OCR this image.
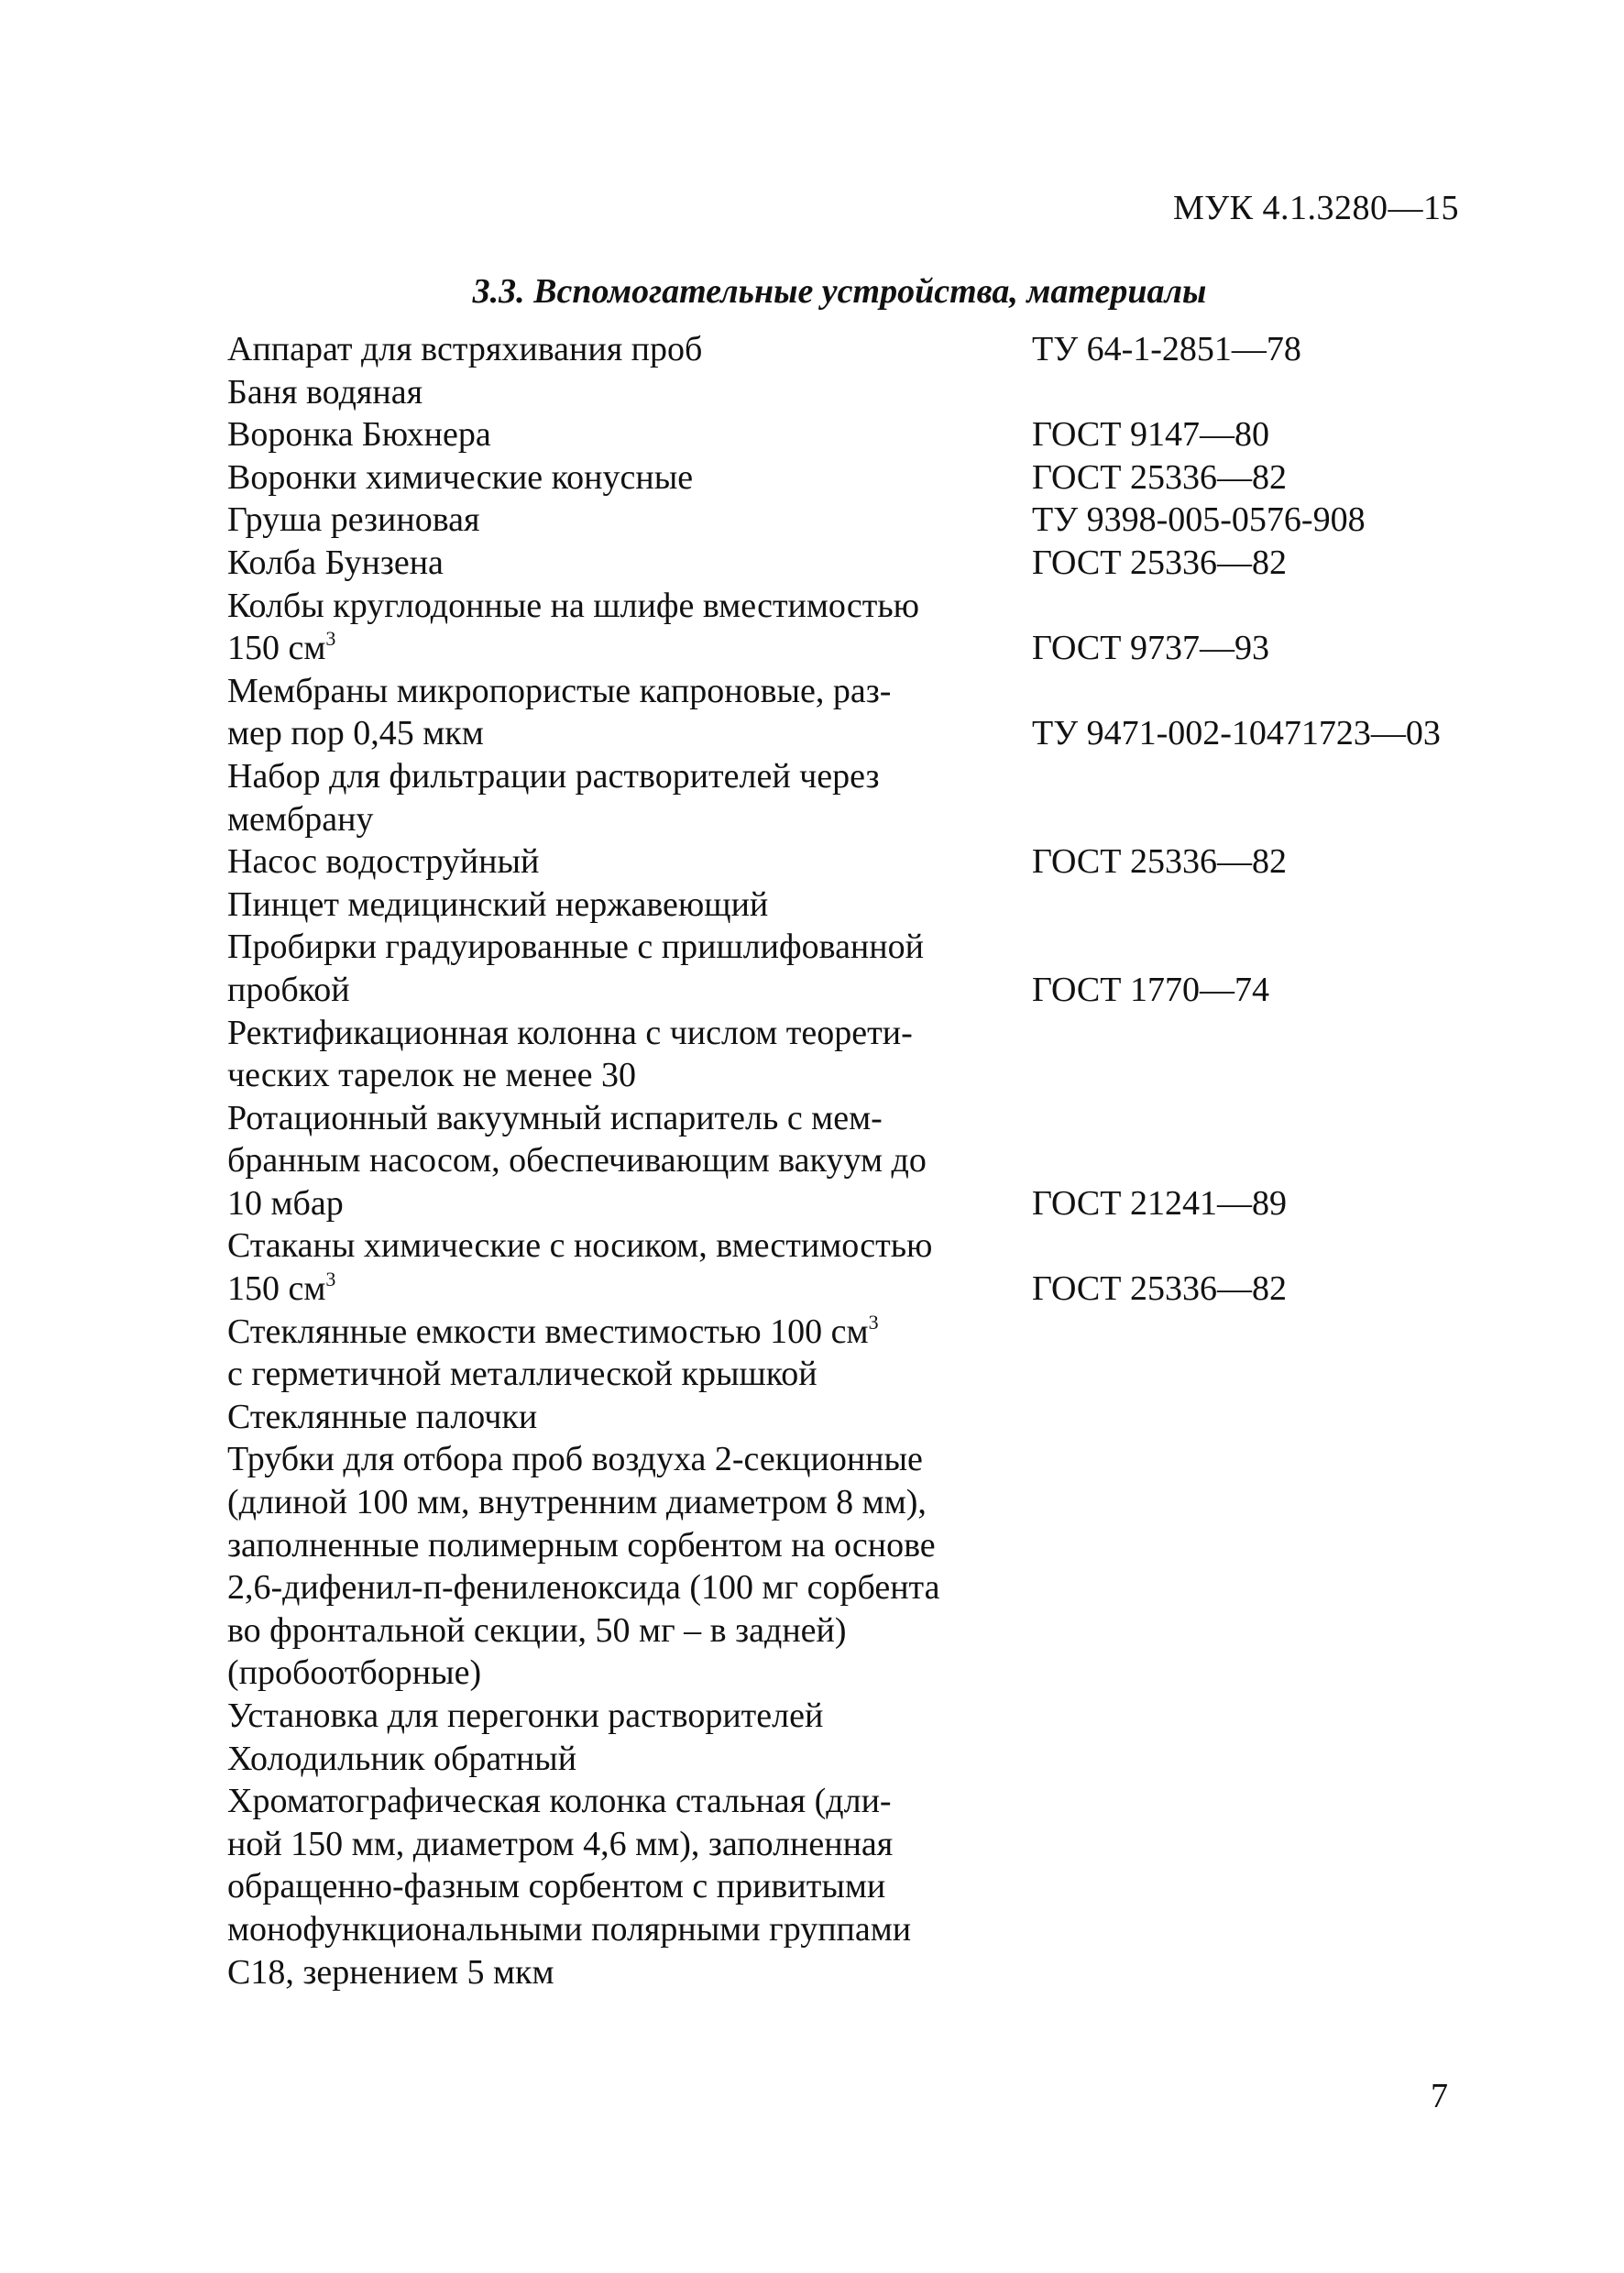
МУК 4.1.3280—15
3.3. Вспомогательные устройства, материалы
Аппарат для встряхивания проб	ТУ 64-1-2851—78
Баня водяная
Воронка Бюхнера	ГОСТ 9147—80
Воронки химические конусные	ГОСТ 25336—82
Груша резиновая	ТУ 9398-005-0576-908
Колба Бунзена	ГОСТ 25336—82
Колбы круглодонные на шлифе вместимостью
150 $см^3$	ГОСТ 9737—93
Мембраны микропористые капроновые, раз-
мер пор 0,45 мкм	ТУ 9471-002-10471723—03
Набор для фильтрации растворителей через
мембрану
Насос водоструйный	ГОСТ 25336—82
Пинцет медицинский нержавеющий
Пробирки градуированные с пришлифованной
пробкой	ГОСТ 1770—74
Ректификационная колонна с числом теорети-
ческих тарелок не менее 30
Ротационный вакуумный испаритель с мем-
бранным насосом, обеспечивающим вакуум до
10 мбар	ГОСТ 21241—89
Стаканы химические с носиком, вместимостью
150 $см^3$	ГОСТ 25336—82
Стеклянные емкости вместимостью 100 $см^3$
с герметичной металлической крышкой
Стеклянные палочки
Трубки для отбора проб воздуха 2-секционные
(длиной 100 мм, внутренним диаметром 8 мм),
заполненные полимерным сорбентом на основе
2,6-дифенил-п-фениленоксида (100 мг сорбента
во фронтальной секции, 50 мг – в задней)
(пробоотборные)
Установка для перегонки растворителей
Холодильник обратный
Хроматографическая колонка стальная (дли-
ной 150 мм, диаметром 4,6 мм), заполненная
обращенно-фазным сорбентом с привитыми
монофункциональными полярными группами
С18, зернением 5 мкм
7
